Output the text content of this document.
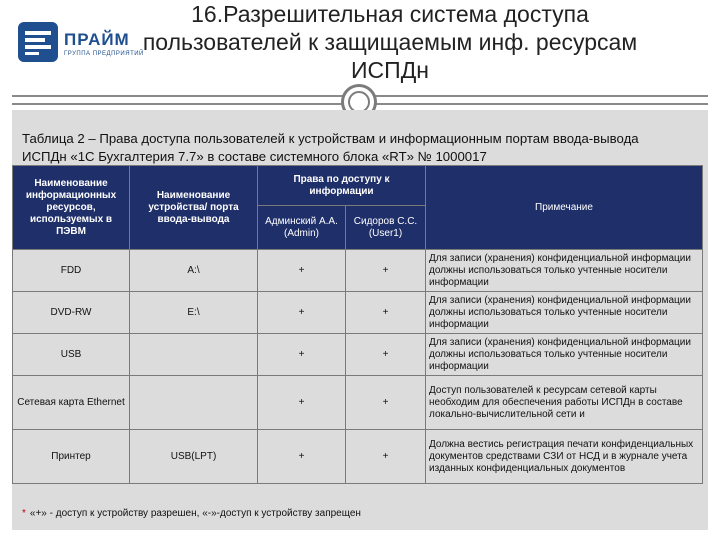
ПРАЙМ
ГРУППА ПРЕДПРИЯТИЙ
16.Разрешительная система доступа
пользователей к защищаемым инф. ресурсам
ИСПДн
Таблица 2 – Права доступа пользователей к устройствам и информационным портам ввода-вывода
ИСПДн «1С Бухгалтерия 7.7» в составе системного блока «RT» № 1000017
Наименование информационных ресурсов, используемых в ПЭВМ	Наименование устройства/ порта ввода-вывода	Права по доступу к информации		Примечание
		Админский А.А. (Admin)	Сидоров С.С. (User1)	
FDD	A:\	+	+	Для записи (хранения) конфиденциальной информации должны использоваться только учтенные носители информации
DVD-RW	E:\	+	+	Для записи (хранения) конфиденциальной информации должны использоваться только учтенные носители информации
USB		+	+	Для записи (хранения) конфиденциальной информации должны использоваться только учтенные носители информации
Сетевая карта Ethernet		+	+	Доступ пользователей к ресурсам сетевой карты необходим для обеспечения работы ИСПДн в составе локально-вычислительной сети и
Принтер	USB(LPT)	+	+	Должна вестись регистрация печати конфиденциальных документов средствами СЗИ от НСД и в журнале учета изданных конфиденциальных документов
* «+» - доступ к устройству разрешен, «-»-доступ к устройству запрещен
